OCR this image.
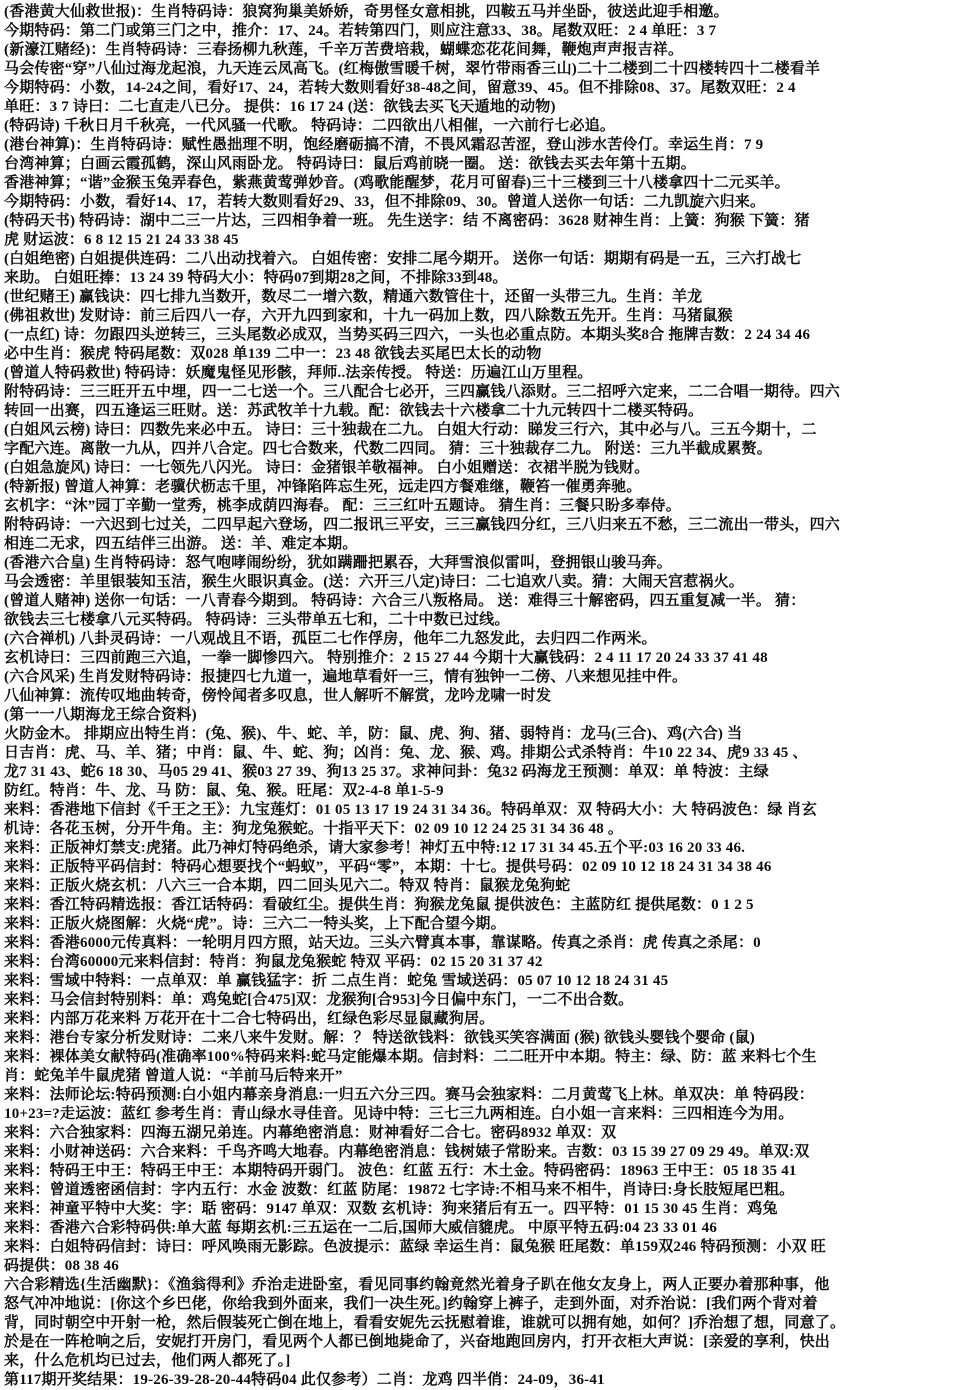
(香港黄大仙救世报)：生肖特码诗：狼窝狗巢美娇娇，奇男怪女意相挑，四鞍五马并坐卧，彼送此迎手相邀。
今期特码：第二门或第三门之中，推介：17、24。若转第四门，则应注意33、38。尾数双旺：2 4 单旺：3 7
(新濠江赌经)：生肖特码诗：三春扬柳九秋莲，千辛万苦费培栽，蝴蝶恋花花间舞，鞭炮声声报吉祥。
马会传密“穿”八仙过海龙起浪，九天连云凤高飞。(红梅傲雪暖千树，翠竹带雨香三山)二十二楼到二十四楼转四十二楼看羊
今期特码：小数，14-24之间，看好17、24，若转大数则看好38-48之间，留意39、45。但不排除08、37。尾数双旺：2 4
单旺：3 7 诗曰：二七直走八已分。 提供：16 17 24 (送：欲钱去买飞天遁地的动物)
(特码诗) 千秋日月千秋亮，一代风骚一代歌。 特码诗：二四欲出八相催，一六前行七必追。
(港台神算)：生肖特码诗：赋性愚拙理不明，饱经磨砺搞不清，不畏风霜忍苦涩，登山涉水苦伶仃。幸运生肖：7 9
台湾神算；白画云霞孤鹤，深山风雨卧龙。 特码诗曰：鼠后鸡前晓一圈。 送：欲钱去买去年第十五期。
香港神算；“谐”金猴玉兔弄春色，紫燕黄莺弹妙音。(鸡歌能醒梦，花月可留春)三十三楼到三十八楼拿四十二元买羊。
今期特码：小数，看好14、17，若转大数则看好29、33，但不排除09、30。曾道人送你一句话：二九凯旋六归来。
(特码天书) 特码诗：湖中二三一片达，三四相争着一班。 先生送字：结 不离密码：3628 财神生肖：上簧：狗猴 下簧：猪
虎 财运波：6 8 12 15 21 24 33 38 45
(白姐绝密) 白姐提供连码：二八出动找着六。 白姐传密：安排二尾今期开。 送你一句话：期期有码是一五，三六打战七
来助。 白姐旺捧：13 24 39 特码大小：特码07到期28之间，不排除33到48。
(世纪赌王) 赢钱诀：四七排九当数开，数尽二一增六数，精通六数管住十，还留一头带三九。生肖：羊龙
(佛祖救世) 发财诗：前三后四八一存，六开九四到家和，十九一码加上数，四八除数五先开。生肖：马猪鼠猴
(一点红) 诗：勿跟四头逆转三，三头尾数必成双，当势买码三四六，一头也必重点防。本期头奖8合 拖牌吉数：2 24 34 46
必中生肖：猴虎 特码尾数：双028 单139 二中一：23 48 欲钱去买尾巴太长的动物
(曾道人特码救世) 特码诗：妖魔鬼怪见形骸，拜师..法亲传授。 特送：历遍江山万里程。
附特码诗：三三旺开五中埋，四一二七送一个。三八配合七必开，三四赢钱八添财。三二招呼六定来，二二合唱一期待。四六
转回一出赛，四五逢运三旺财。送：苏武牧羊十九载。配：欲钱去十六楼拿二十九元转四十二楼买特码。
(白姐风云榜) 诗曰：四数先来必中五。 诗曰：三十独裁在二九。 白姐大行动：睇发三行六，其中必与八。三五今期十，二
字配六连。离散一九从，四并八合定。四七合数来，代数二四同。 猜：三十独裁存二九。 附送：三九半截成累赘。
(白姐急旋风) 诗曰：一七领先八闪光。 诗曰：金猪银羊敬福神。 白小姐赠送：衣裙半脱为钱财。
(特新报) 曾道人神算：老骥伏枥志千里，冲锋陷阵忘生死，远走四方餐难继，鞭笞一催勇奔驰。
玄机字：“沐”园丁辛勤一堂秀，桃李成荫四海春。 配：三三红叶五题诗。 猜生肖：三餐只盼多奉侍。
附特码诗：一六迟到七过关，二四早起六登场，四二报讯三平安，三三赢钱四分红，三八归来五不愁，三二流出一带头，四六
相连二无求，四五结伴三出游。 送：羊、难定本期。
(香港六合皇) 生肖特码诗：怒气咆哮闹纷纷，犹如蹒跚把累吞，大拜雪浪似雷叫，登拥银山骏马奔。
马会透密：羊里银装知玉洁，猴生火眼识真金。(送：六开三八定)诗曰：二七追欢八卖。猜：大闹天宫惹祸火。
(曾道人赌神) 送你一句话：一八青春今期到。 特码诗：六合三八叛格局。 送：难得三十解密码，四五重复减一半。 猜：
欲钱去三七楼拿八元买特码。 特码诗：三头带单五七和，二十中数已过线。
(六合禅机) 八卦灵码诗：一八观战且不语，孤臣二七作俘房，他年二九怒发此，去归四二作两米。
玄机诗曰：三四前跑三六追，一拳一脚惨四六。 特别推介：2 15 27 44 今期十大赢钱码：2 4 11 17 20 24 33 37 41 48
(六合风采) 生肖发财特码诗：报捷四七九道一，遍地草看奸一三，情有独钟一二傍、八来想见挂中件。
八仙神算：流传叹地曲转奇，傍怜闻者多叹息，世人解听不解赏，龙吟龙啸一时发
(第一一八期海龙王综合资料)
火防金木。 排期应出特生肖：(兔、猴)、牛、蛇、羊，防：鼠、虎、狗、猪、弱特肖：龙马(三合)、鸡(六合) 当
日吉肖：虎、马、羊、猪；中肖：鼠、牛、蛇、狗；凶肖：兔、龙、猴、鸡。排期公式杀特肖：牛10 22 34、虎9 33 45 、
龙7 31 43、蛇6 18 30、马05 29 41、猴03 27 39、狗13 25 37。求神问卦：兔32 码海龙王预测：单双：单 特波：主绿
防红。特肖：牛、龙、马 防：鼠、兔、猴。旺尾：双2-4-8 单1-5-9
来料：香港地下信封《千王之王》：九宝莲灯：01 05 13 17 19 24 31 34 36。特码单双：双 特码大小：大 特码波色：绿 肖玄
机诗：各花玉树，分开牛角。主：狗龙兔猴蛇。十指平天下：02 09 10 12 24 25 31 34 36 48 。
来料：正版神灯禁支:虎猪。此乃神灯特码绝杀，请大家参考！神灯五中特:12 17 31 34 45.五个平:03 16 20 33 46.
来料：正版特平码信封：特码心想要找个“蚂蚁”，平码“零”，本期：十七。提供号码：02 09 10 12 18 24 31 34 38 46
来料：正版火烧玄机：八六三一合本期，四二回头见六二。特双 特肖：鼠猴龙兔狗蛇
来料：香江特码精选报：香江话特码：看破红尘。提供生肖：狗猴龙兔鼠 提供波色：主蓝防红 提供尾数：0 1 2 5
来料：正版火烧图解：火烧“虎”。诗：三六二一特头奖，上下配合望今期。
来料：香港6000元传真料：一轮明月四方照，站天边。三头六臂真本事，靠谋略。传真之杀肖：虎 传真之杀尾：0
来料：台湾60000元来料信封：特肖：狗鼠龙兔猴蛇 特双 平码：02 15 20 31 37 42
来料：雪域中特料：一点单双：单 赢钱猛字：折 二点生肖：蛇兔 雪域送码：05 07 10 12 18 24 31 45
来料：马会信封特别料：单：鸡兔蛇[合475]双：龙猴狗[合953]今日偏中东门，一二不出合数。
来料：内部万花来料 万花开在十二合七特码出，红绿色彩尽显鼠藏狗居。
来料：港台专家分析发财诗：二来八来牛发财。解：？ 特送欲钱料：欲钱买笑容满面 (猴) 欲钱头婴钱个婴命 (鼠)
来料：裸体美女献特码(准确率100%特码来料:蛇马定能爆本期。信封料：二二旺开中本期。特主：绿、防：蓝 来料七个生
肖：蛇兔羊牛鼠虎猪 曾道人说：“羊前马后特来开”
来料：法师论坛:特码预测:白小姐内幕亲身消息:一归五六分三四。赛马会独家料：二月黄莺飞上林。单双决：单 特码段：
10+23=?走运波：蓝红 参考生肖：青山绿水寻佳音。见诗中特：三七三九两相连。白小姐一言来料：三四相连今为用。
来料：六合独家料：四海五湖兄弟连。内幕绝密消息：财神看好二合七。密码8932 单双：双
来料：小财神送码：六合来料：千鸟齐鸣大地春。内幕绝密消息：钱树婊子常盼来。吉数：03 15 39 27 09 29 49。单双:双
来料：特码王中王：特码王中王：本期特码开弱门。 波色：红蓝 五行：木土金。特码密码：18963 王中王：05 18 35 41
来料：曾道透密函信封：字内五行：水金 波数：红蓝 防尾：19872 七字诗:不相马来不相牛，肖诗曰:身长肢短尾巴粗。
来料：神童平特中大奖：字：聒 密码：9147 单双：双数 玄机诗：狗来猪后有五一。四平特：01 15 30 45 生肖：鸡兔
来料：香港六合彩特码供:单大蓝 每期玄机:三五运在一二后,国师大威信貔虎。 中原平特五码:04 23 33 01 46
来料：白姐特码信封：诗曰：呼风唤雨无影踪。色波提示：蓝绿 幸运生肖：鼠兔猴 旺尾数：单159双246 特码预测：小双 旺
码提供：08 38 46
六合彩精选{生活幽默}：《渔翁得利》乔治走进卧室，看见同事约翰竟然光着身子趴在他女友身上，两人正要办着那种事，他
怒气冲冲地说：[你这个乡巴佬，你给我到外面来，我们一决生死。]约翰穿上裤子，走到外面，对乔治说：[我们两个背对着
背，同时朝空中开射一枪，然后假装死亡倒在地上，看看安妮先云抚慰着谁，谁就可以拥有她，如何？]乔治想了想，同意了。
於是在一阵枪响之后，安妮打开房门，看见两个人都已倒地毙命了，兴奋地跑回房内，打开衣柜大声说：[亲爱的享利，快出
来，什么危机均已过去，他们两人都死了。]
第117期开奖结果：19-26-39-28-20-44特码04 此仅参考）二肖：龙鸡 四半俏：24-09，36-41
